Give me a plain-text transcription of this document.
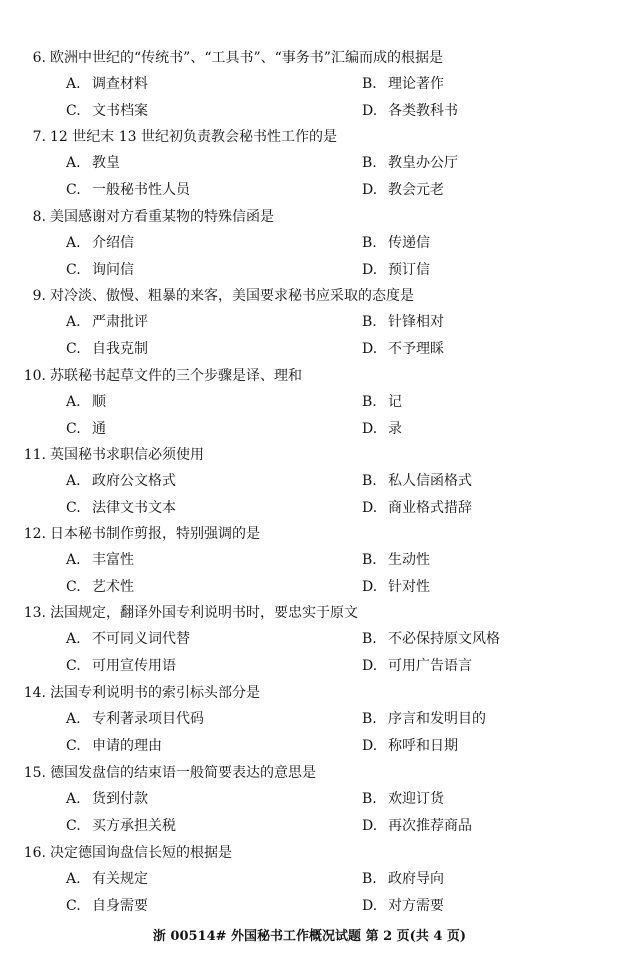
6. 欧洲中世纪的“传统书”、“工具书”、“事务书”汇编而成的根据是
A. 调查材料	B. 理论著作
C. 文书档案	D. 各类教科书
7. 12 世纪末 13 世纪初负责教会秘书性工作的是
A. 教皇	B. 教皇办公厅
C. 一般秘书性人员	D. 教会元老
8. 美国感谢对方看重某物的特殊信函是
A. 介绍信	B. 传递信
C. 询问信	D. 预订信
9. 对冷淡、傲慢、粗暴的来客，美国要求秘书应采取的态度是
A. 严肃批评	B. 针锋相对
C. 自我克制	D. 不予理睬
10. 苏联秘书起草文件的三个步骤是译、理和
A. 顺	B. 记
C. 通	D. 录
11. 英国秘书求职信必须使用
A. 政府公文格式	B. 私人信函格式
C. 法律文书文本	D. 商业格式措辞
12. 日本秘书制作剪报，特别强调的是
A. 丰富性	B. 生动性
C. 艺术性	D. 针对性
13. 法国规定，翻译外国专利说明书时，要忠实于原文
A. 不可同义词代替	B. 不必保持原文风格
C. 可用宣传用语	D. 可用广告语言
14. 法国专利说明书的索引标头部分是
A. 专利著录项目代码	B. 序言和发明目的
C. 申请的理由	D. 称呼和日期
15. 德国发盘信的结束语一般简要表达的意思是
A. 货到付款	B. 欢迎订货
C. 买方承担关税	D. 再次推荐商品
16. 决定德国询盘信长短的根据是
A. 有关规定	B. 政府导向
C. 自身需要	D. 对方需要
浙 00514# 外国秘书工作概况试题 第 2 页(共 4 页)
